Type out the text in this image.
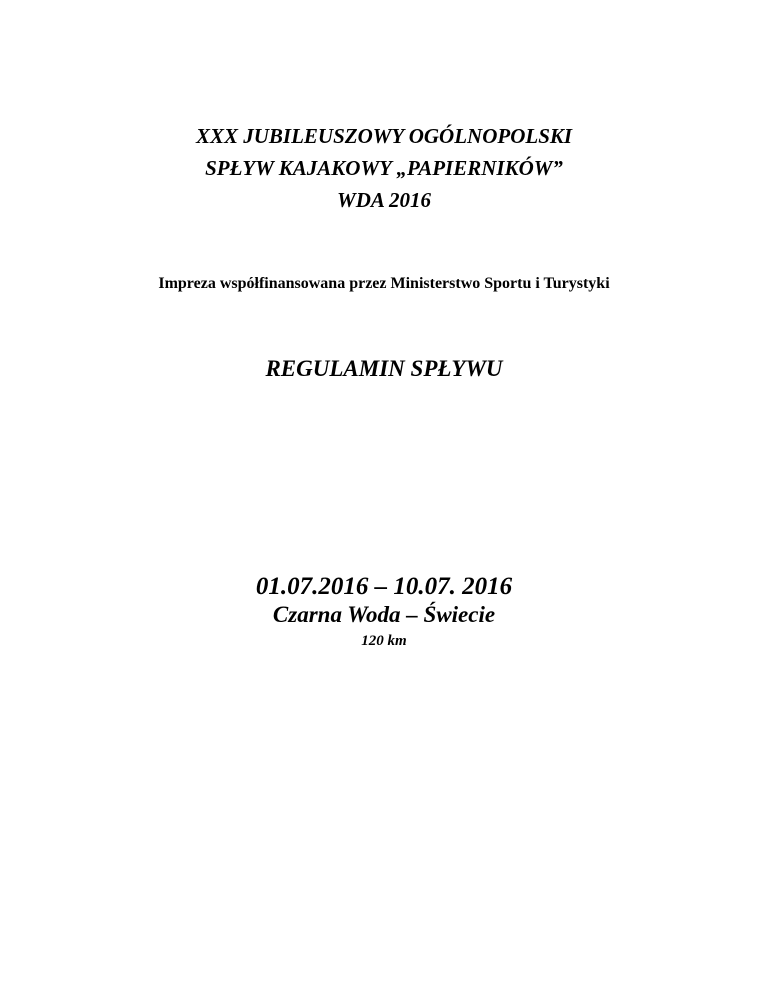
XXX JUBILEUSZOWY OGÓLNOPOLSKI
SPŁYW KAJAKOWY „PAPIERNIKÓW”
WDA 2016
Impreza współfinansowana przez Ministerstwo Sportu i Turystyki
REGULAMIN SPŁYWU
01.07.2016 – 10.07. 2016
Czarna Woda – Świecie
120 km
